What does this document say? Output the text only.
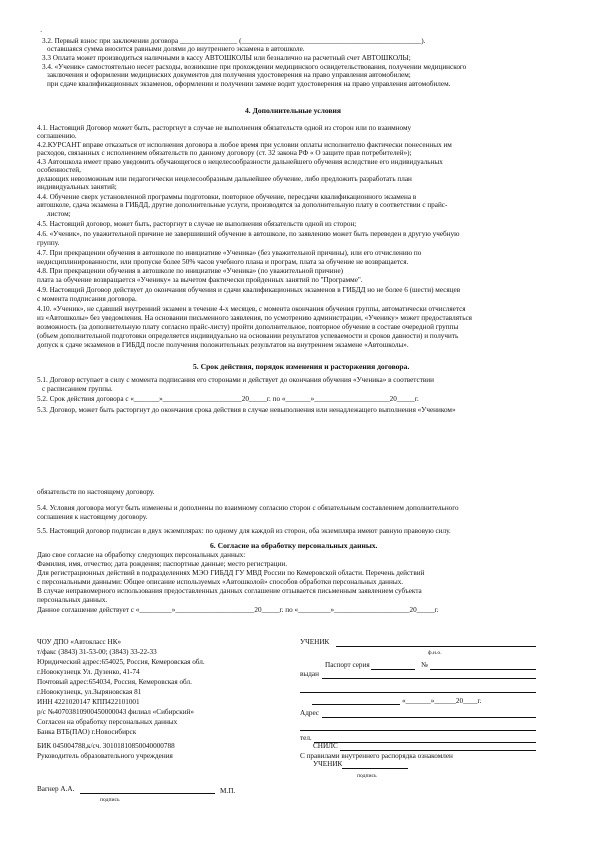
`
3.2. Первый взнос при заключении договора ________________ (__________________________________________________).
оставшаяся сумма вносится равными долями до внутреннего экзамена в автошколе.
3.3 Оплата может производиться наличными в кассу АВТОШКОЛЫ или безналично на расчетный счет АВТОШКОЛЫ;
3.4. «Ученик» самостоятельно несет расходы, возникшие при прохождении медицинского освидетельствования, получении медицинского
заключения и оформлении медицинских документов для получения удостоверения на право управления автомобилем;
при сдаче квалификационных экзаменов, оформлении и получении замене водит удостоверения на право управления автомобилем.
4. Дополнительные условия
4.1. Настоящий Договор может быть, расторгнут в случае не выполнения обязательств одной из сторон или по взаимному
соглашению.
4.2.КУРСАНТ вправе отказаться от исполнения договора в любое время при условии оплаты исполнителю фактически понесенных им
расходов, связанных с исполнением обязательств по данному договору (ст. 32 закона РФ « О защите прав потребителей»);
4.3 Автошкола имеет право уведомить обучающегося о нецелесообразности дальнейшего обучения вследствие его индивидуальных
особенностей,
делающих невозможным или педагогически нецелесообразным дальнейшее обучение, либо предложить разработать план
индивидуальных занятий;
4.4. Обучение сверх установленной программы подготовки, повторное обучение, пересдачи квалификационного экзамена в
автошколе, сдача экзамена в ГИБДД, другие дополнительные услуги, производятся за дополнительную плату в соответствии с прайс-
листом;
4.5. Настоящий договор, может быть, расторгнут в случае не выполнения обязательств одной из сторон;
4.6. «Ученик», по уважительной причине не завершивший обучение в автошколе, по заявлению может быть переведен в другую учебную
группу.
4.7. При прекращении обучения в автошколе по инициативе «Ученика» (без уважительной причины), или его отчислению по
недисциплинированности, или пропуске более 50% часов учебного плана и програм, плата за обучение не возвращается.
4.8. При прекращении обучения в автошколе по инициативе «Ученика» (по уважительной причине)
плата за обучение возвращается «Ученику» за вычетом фактически пройденных занятий по "Программе".
4.9. Настоящий Договор действует до окончания обучения и сдачи квалификационных экзаменов в ГИБДД но не более 6 (шести) месяцев
с момента подписания договора.
4.10. «Ученик», не сдавший внутренний экзамен в течение 4-х месяцев, с момента окончания обучения группы, автоматически отчисляется
из «Автошколы» без уведомления. На основании письменного заявления, по усмотрению администрации, «Ученику» может предоставляться
возможность (за дополнительную плату согласно прайс-листу) пройти дополнительное, повторное обучение в составе очередной группы
(объем дополнительной подготовки определяется индивидуально на основании результатов успеваемости и сроков давности) и получить
допуск к сдаче экзаменов в ГИБДД после получения положительных результатов на внутреннем экзамене «Автошколы».
5. Срок действия, порядок изменения и расторжения договора.
5.1. Договор вступает в силу с момента подписания его сторонами и действует до окончания обучения «Ученика» в соответствии
с расписанием группы.
5.2. Срок действия договора с «_______»______________________20_____г. по «_______»_____________________20_____г.
5.3. Договор, может быть расторгнут до окончания срока действия в случае невыполнения или ненадлежащего выполнения «Учеником»
обязательств по настоящему договору.
5.4. Условия договора могут быть изменены и дополнены по взаимному согласию сторон с обязательным составлением дополнительного
соглашения к настоящему договору.
5.5. Настоящий договор подписан в двух экземплярах: по одному для каждой из сторон, оба экземпляра имеют равную правовую силу.
6. Согласие на обработку персональных данных.
Даю свое согласие на обработку следующих персональных данных:
Фамилия, имя, отчество; дата рождения; паспортные данные; место регистрации.
Для регистрационных действий в подразделениях МЭО ГИБДД ГУ МВД России по Кемеровской области. Перечень действий
с персональными данными: Общее описание используемых «Автошколой» способов обработки персональных данных.
В случае неправомерного использования предоставленных данных соглашение отзывается письменным заявлением субъекта
персональных данных.
Данное соглашение действует с «_________»______________________20_____г. по «_________»_____________________20_____г.
ЧОУ ДПО «Автокласс НК»
т/факс (3843) 31-53-00; (3843) 33-22-33
Юридический адрес:654025, Россия, Кемеровская обл.
г.Новокузнецк Ул. Дузенко, 41-74
Почтовый адрес:654034, Россия, Кемеровская обл.
г.Новокузнецк, ул.Зыряновская 81
ИНН 4221020147 КПП422101001
р/с №40703810900450000043 филиал «Сибирский»
Согласен на обработку персональных данных
Банка ВТБ(ПАО) г.Новосибирск
БИК 045004788,к/сч. 30101810850040000788
Руководитель образовательного учреждения
Вагнер А.А.
подпись
М.П.
УЧЕНИК
ф.и.о.
Паспорт серия	№
выдан
«_______»______20____г.
Адрес
тел.
СНИЛС
С правилами внутреннего распорядка ознакомлен
УЧЕНИК
подпись
